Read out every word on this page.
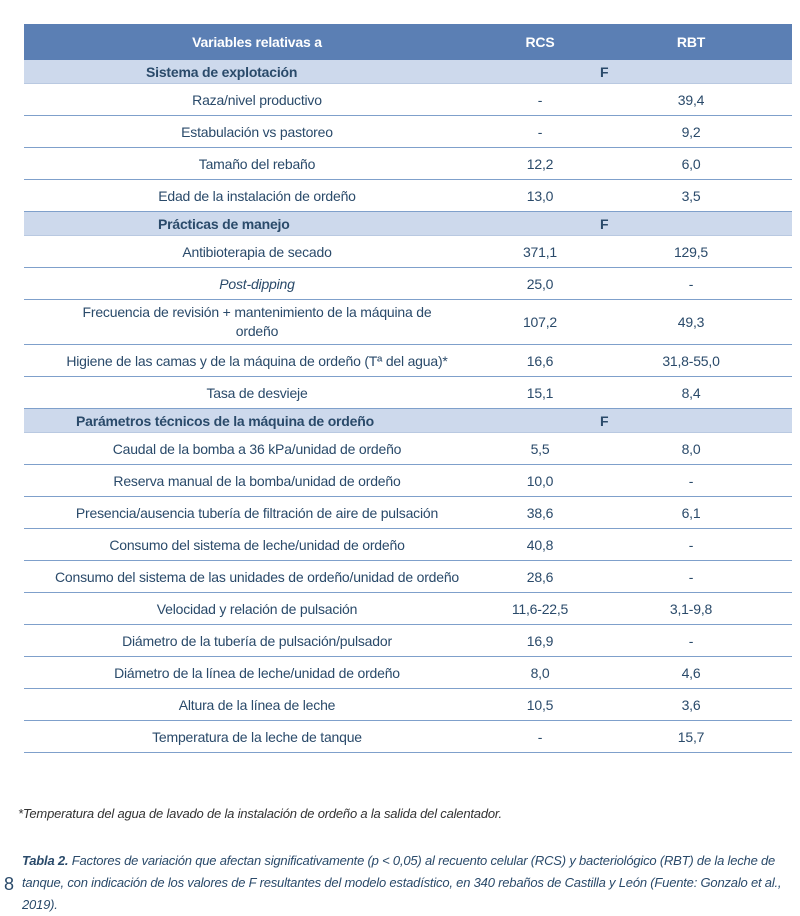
Variables relativas a	RCS	RBT
Sistema de explotación	F	
Raza/nivel productivo	-	39,4
Estabulación vs pastoreo	-	9,2
Tamaño del rebaño	12,2	6,0
Edad de la instalación de ordeño	13,0	3,5
Prácticas de manejo	F	
Antibioterapia de secado	371,1	129,5
Post-dipping	25,0	-
Frecuencia de revisión + mantenimiento de la máquina de ordeño	107,2	49,3
Higiene de las camas y de la máquina de ordeño (Tª del agua)*	16,6	31,8-55,0
Tasa de desvieje	15,1	8,4
Parámetros técnicos de la máquina de ordeño	F	
Caudal de la bomba a 36 kPa/unidad de ordeño	5,5	8,0
Reserva manual de la bomba/unidad de ordeño	10,0	-
Presencia/ausencia tubería de filtración de aire de pulsación	38,6	6,1
Consumo del sistema de leche/unidad de ordeño	40,8	-
Consumo del sistema de las unidades de ordeño/unidad de ordeño	28,6	-
Velocidad y relación de pulsación	11,6-22,5	3,1-9,8
Diámetro de la tubería de pulsación/pulsador	16,9	-
Diámetro de la línea de leche/unidad de ordeño	8,0	4,6
Altura de la línea de leche	10,5	3,6
Temperatura de la leche de tanque	-	15,7
*Temperatura del agua de lavado de la instalación de ordeño a la salida del calentador.
8
Tabla 2. Factores de variación que afectan significativamente (p < 0,05) al recuento celular (RCS) y bacteriológico (RBT) de la leche de tanque, con indicación de los valores de F resultantes del modelo estadístico, en 340 rebaños de Castilla y León (Fuente: Gonzalo et al., 2019).
